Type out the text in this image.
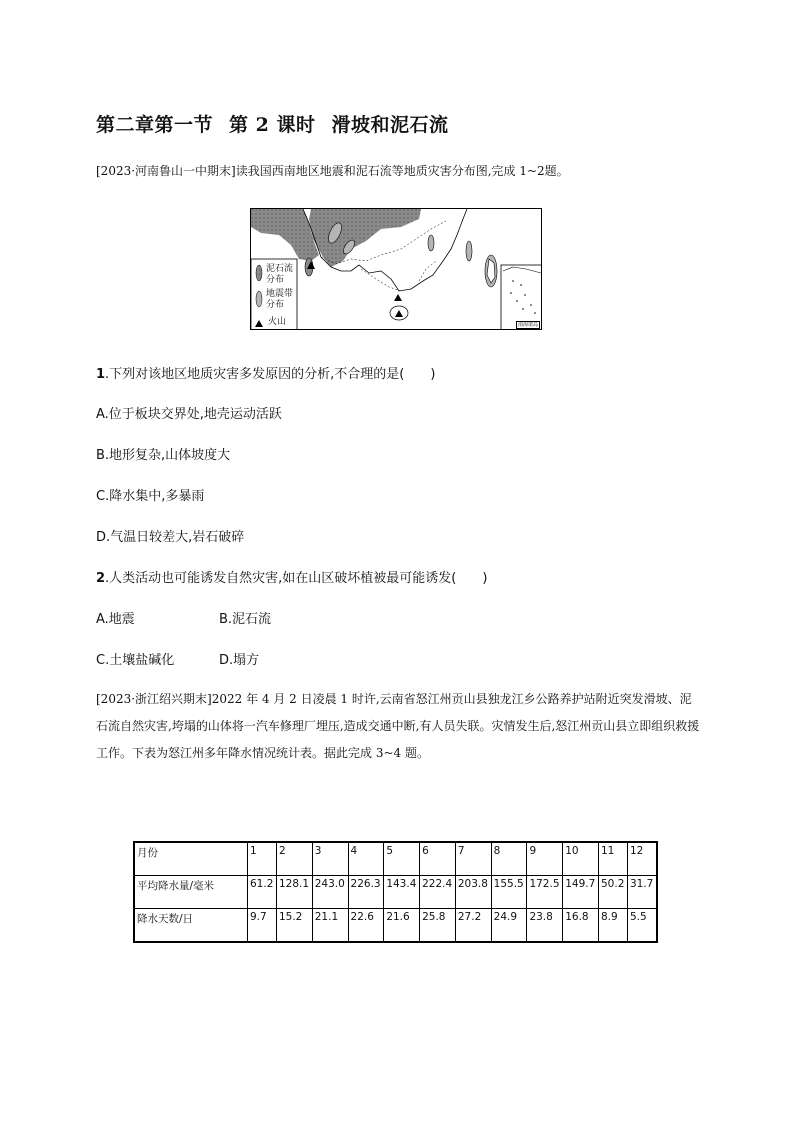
第二章第一节 第 2 课时 滑坡和泥石流
[2023·河南鲁山一中期末]读我国西南地区地震和泥石流等地质灾害分布图,完成 1~2题。
泥石流分布
地震带分布
火山	南海诸岛
1.下列对该地区地质灾害多发原因的分析,不合理的是(　　)
A.位于板块交界处,地壳运动活跃
B.地形复杂,山体坡度大
C.降水集中,多暴雨
D.气温日较差大,岩石破碎
2.人类活动也可能诱发自然灾害,如在山区破坏植被最可能诱发(　　)
A.地震	B.泥石流
C.土壤盐碱化	D.塌方
[2023·浙江绍兴期末]2022 年 4 月 2 日凌晨 1 时许,云南省怒江州贡山县独龙江乡公路养护站附近突发滑坡、泥石流自然灾害,垮塌的山体将一汽车修理厂埋压,造成交通中断,有人员失联。灾情发生后,怒江州贡山县立即组织救援工作。下表为怒江州多年降水情况统计表。据此完成 3~4 题。
月份	1	2	3	4	5	6	7	8	9	10	11	12
平均降水量/毫米	61.2	128.1	243.0	226.3	143.4	222.4	203.8	155.5	172.5	149.7	50.2	31.7
降水天数/日	9.7	15.2	21.1	22.6	21.6	25.8	27.2	24.9	23.8	16.8	8.9	5.5
